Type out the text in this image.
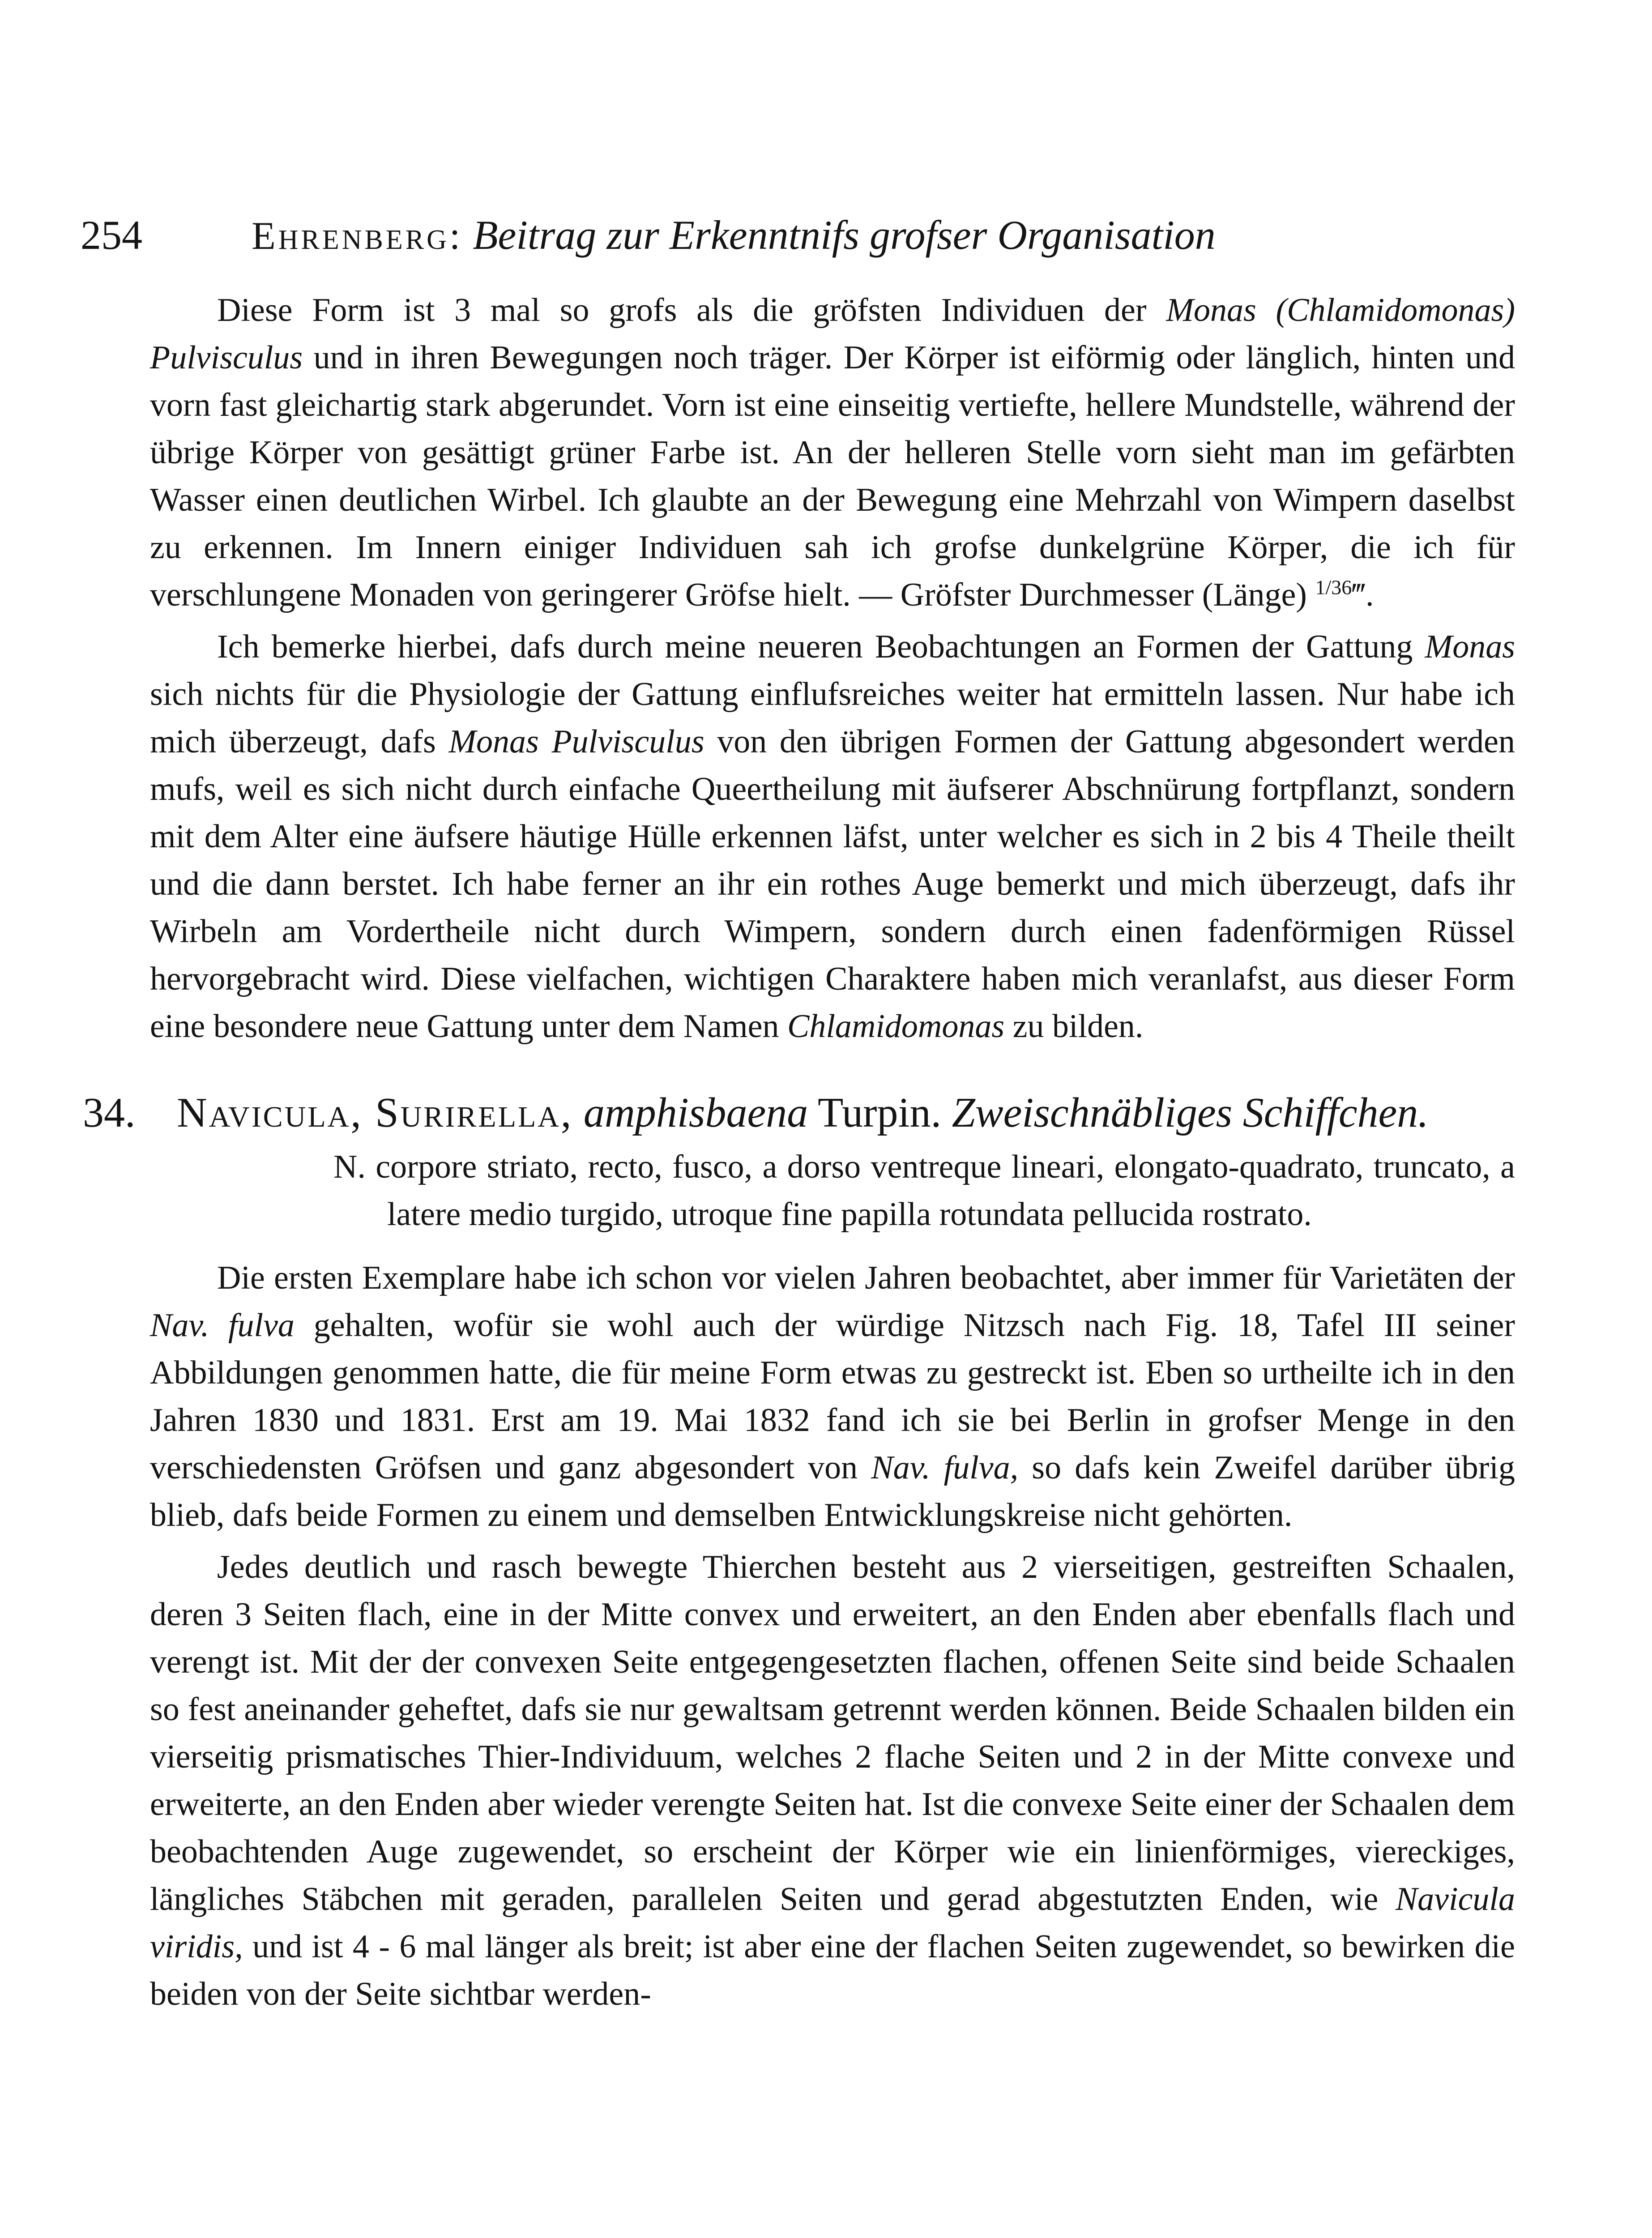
254	Ehrenberg: Beitrag zur Erkenntnifs grofser Organisation

Diese Form ist 3 mal so grofs als die gröfsten Individuen der Monas (Chlamidomonas) Pulvisculus und in ihren Bewegungen noch träger. Der Körper ist eiförmig oder länglich, hinten und vorn fast gleichartig stark abgerundet. Vorn ist eine einseitig vertiefte, hellere Mundstelle, während der übrige Körper von gesättigt grüner Farbe ist. An der helleren Stelle vorn sieht man im gefärbten Wasser einen deutlichen Wirbel. Ich glaubte an der Bewegung eine Mehrzahl von Wimpern daselbst zu erkennen. Im Innern einiger Individuen sah ich grofse dunkelgrüne Körper, die ich für verschlungene Monaden von geringerer Gröfse hielt. — Gröfster Durchmesser (Länge) $^{1/36}$‴.

Ich bemerke hierbei, dafs durch meine neueren Beobachtungen an Formen der Gattung Monas sich nichts für die Physiologie der Gattung einflufsreiches weiter hat ermitteln lassen. Nur habe ich mich überzeugt, dafs Monas Pulvisculus von den übrigen Formen der Gattung abgesondert werden mufs, weil es sich nicht durch einfache Queertheilung mit äufserer Abschnürung fortpflanzt, sondern mit dem Alter eine äufsere häutige Hülle erkennen läfst, unter welcher es sich in 2 bis 4 Theile theilt und die dann berstet. Ich habe ferner an ihr ein rothes Auge bemerkt und mich überzeugt, dafs ihr Wirbeln am Vordertheile nicht durch Wimpern, sondern durch einen fadenförmigen Rüssel hervorgebracht wird. Diese vielfachen, wichtigen Charaktere haben mich veranlafst, aus dieser Form eine besondere neue Gattung unter dem Namen Chlamidomonas zu bilden.

34. Navicula, Surirella, amphisbaena Turpin. Zweischnäbliges Schiffchen.

N. corpore striato, recto, fusco, a dorso ventreque lineari, elongato-quadrato, truncato, a latere medio turgido, utroque fine papilla rotundata pellucida rostrato.

Die ersten Exemplare habe ich schon vor vielen Jahren beobachtet, aber immer für Varietäten der Nav. fulva gehalten, wofür sie wohl auch der würdige Nitzsch nach Fig. 18, Tafel III seiner Abbildungen genommen hatte, die für meine Form etwas zu gestreckt ist. Eben so urtheilte ich in den Jahren 1830 und 1831. Erst am 19. Mai 1832 fand ich sie bei Berlin in grofser Menge in den verschiedensten Gröfsen und ganz abgesondert von Nav. fulva, so dafs kein Zweifel darüber übrig blieb, dafs beide Formen zu einem und demselben Entwicklungskreise nicht gehörten.

Jedes deutlich und rasch bewegte Thierchen besteht aus 2 vierseitigen, gestreiften Schaalen, deren 3 Seiten flach, eine in der Mitte convex und erweitert, an den Enden aber ebenfalls flach und verengt ist. Mit der der convexen Seite entgegengesetzten flachen, offenen Seite sind beide Schaalen so fest aneinander geheftet, dafs sie nur gewaltsam getrennt werden können. Beide Schaalen bilden ein vierseitig prismatisches Thier-Individuum, welches 2 flache Seiten und 2 in der Mitte convexe und erweiterte, an den Enden aber wieder verengte Seiten hat. Ist die convexe Seite einer der Schaalen dem beobachtenden Auge zugewendet, so erscheint der Körper wie ein linienförmiges, viereckiges, längliches Stäbchen mit geraden, parallelen Seiten und gerad abgestutzten Enden, wie Navicula viridis, und ist 4 - 6 mal länger als breit; ist aber eine der flachen Seiten zugewendet, so bewirken die beiden von der Seite sichtbar werden-
